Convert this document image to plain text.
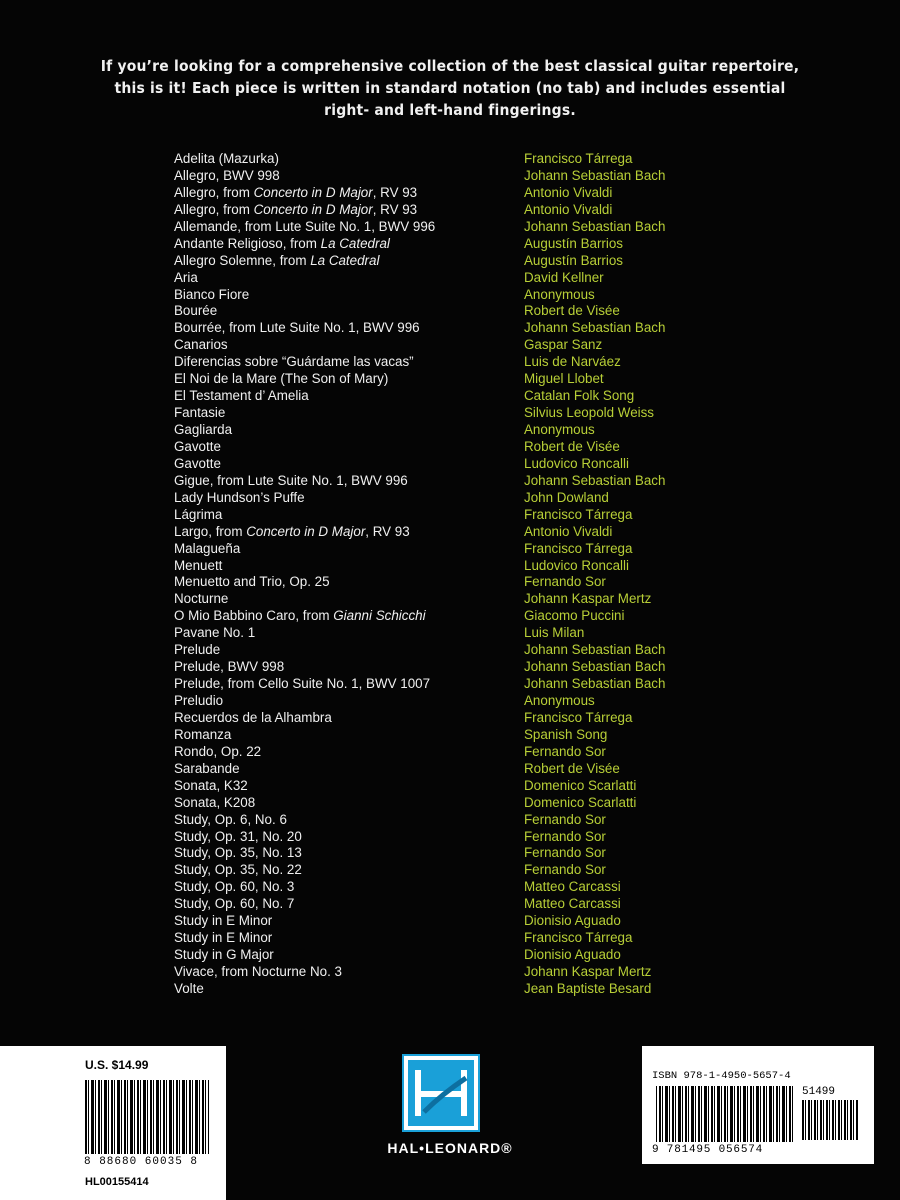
If you’re looking for a comprehensive collection of the best classical guitar repertoire,
this is it! Each piece is written in standard notation (no tab) and includes essential
right- and left-hand fingerings.
Adelita (Mazurka)	Francisco Tárrega
Allegro, BWV 998	Johann Sebastian Bach
Allegro, from Concerto in D Major, RV 93	Antonio Vivaldi
Allegro, from Concerto in D Major, RV 93	Antonio Vivaldi
Allemande, from Lute Suite No. 1, BWV 996	Johann Sebastian Bach
Andante Religioso, from La Catedral	Augustín Barrios
Allegro Solemne, from La Catedral	Augustín Barrios
Aria	David Kellner
Bianco Fiore	Anonymous
Bourée	Robert de Visée
Bourrée, from Lute Suite No. 1, BWV 996	Johann Sebastian Bach
Canarios	Gaspar Sanz
Diferencias sobre “Guárdame las vacas”	Luis de Narváez
El Noi de la Mare (The Son of Mary)	Miguel Llobet
El Testament d’ Amelia	Catalan Folk Song
Fantasie	Silvius Leopold Weiss
Gagliarda	Anonymous
Gavotte	Robert de Visée
Gavotte	Ludovico Roncalli
Gigue, from Lute Suite No. 1, BWV 996	Johann Sebastian Bach
Lady Hundson’s Puffe	John Dowland
Lágrima	Francisco Tárrega
Largo, from Concerto in D Major, RV 93	Antonio Vivaldi
Malagueña	Francisco Tárrega
Menuett	Ludovico Roncalli
Menuetto and Trio, Op. 25	Fernando Sor
Nocturne	Johann Kaspar Mertz
O Mio Babbino Caro, from Gianni Schicchi	Giacomo Puccini
Pavane No. 1	Luis Milan
Prelude	Johann Sebastian Bach
Prelude, BWV 998	Johann Sebastian Bach
Prelude, from Cello Suite No. 1, BWV 1007	Johann Sebastian Bach
Preludio	Anonymous
Recuerdos de la Alhambra	Francisco Tárrega
Romanza	Spanish Song
Rondo, Op. 22	Fernando Sor
Sarabande	Robert de Visée
Sonata, K32	Domenico Scarlatti
Sonata, K208	Domenico Scarlatti
Study, Op. 6, No. 6	Fernando Sor
Study, Op. 31, No. 20	Fernando Sor
Study, Op. 35, No. 13	Fernando Sor
Study, Op. 35, No. 22	Fernando Sor
Study, Op. 60, No. 3	Matteo Carcassi
Study, Op. 60, No. 7	Matteo Carcassi
Study in E Minor	Dionisio Aguado
Study in E Minor	Francisco Tárrega
Study in G Major	Dionisio Aguado
Vivace, from Nocturne No. 3	Johann Kaspar Mertz
Volte	Jean Baptiste Besard
U.S. $14.99
8 88680 60035 8
HL00155414
HAL•LEONARD®
ISBN 978-1-4950-5657-4
9 781495 056574
51499
